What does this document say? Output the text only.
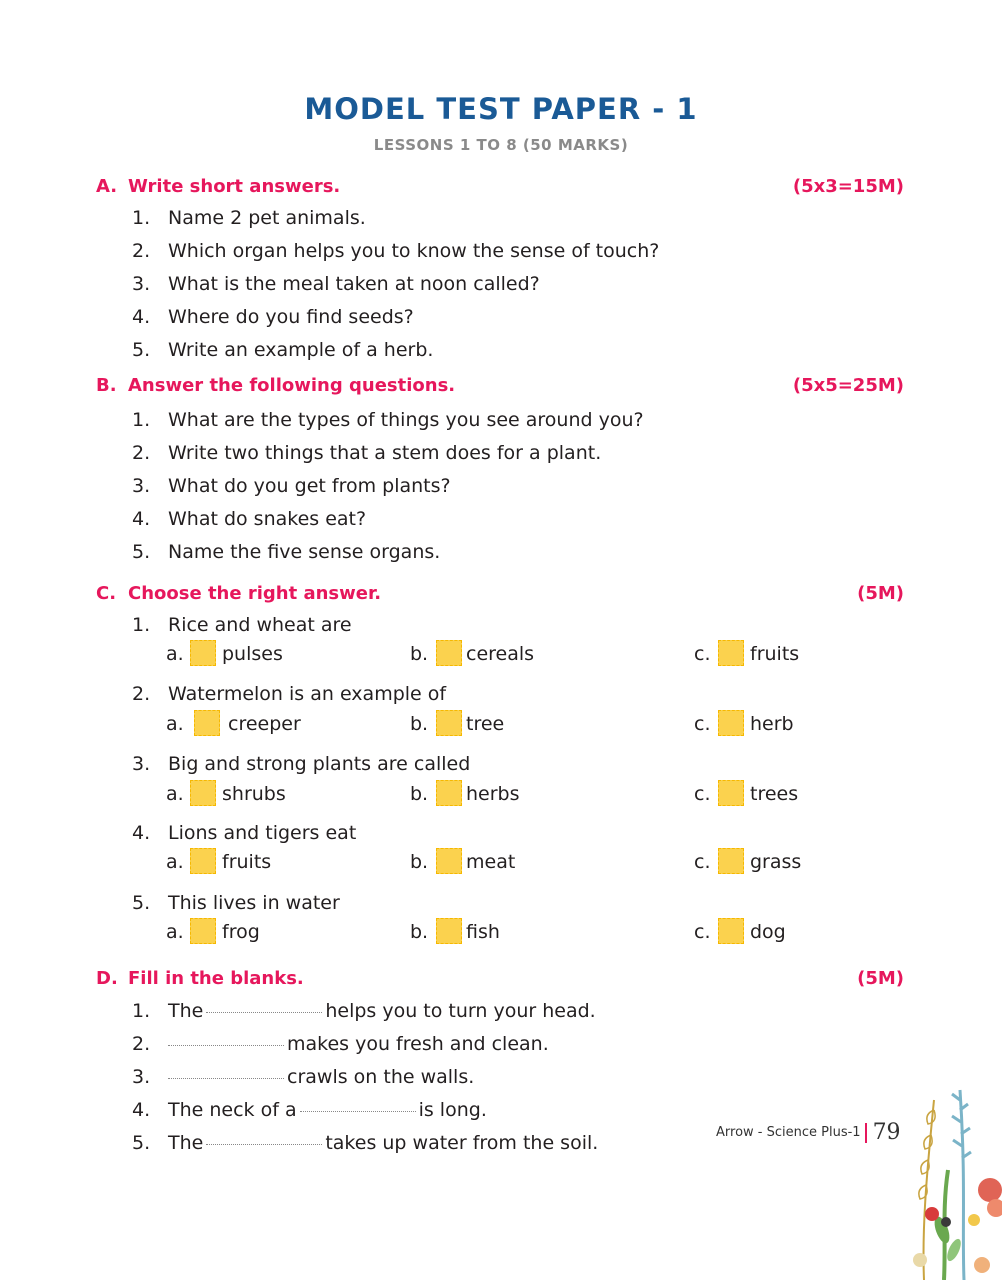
MODEL TEST PAPER - 1
LESSONS 1 TO 8 (50 MARKS)
A. Write short answers.	(5x3=15M)
1. Name 2 pet animals.
2. Which organ helps you to know the sense of touch?
3. What is the meal taken at noon called?
4. Where do you find seeds?
5. Write an example of a herb.
B. Answer the following questions.	(5x5=25M)
1. What are the types of things you see around you?
2. Write two things that a stem does for a plant.
3. What do you get from plants?
4. What do snakes eat?
5. Name the five sense organs.
C. Choose the right answer.	(5M)
1. Rice and wheat are
a. pulses	b. cereals	c. fruits
2. Watermelon is an example of
a. creeper	b. tree	c. herb
3. Big and strong plants are called
a. shrubs	b. herbs	c. trees
4. Lions and tigers eat
a. fruits	b. meat	c. grass
5. This lives in water
a. frog	b. fish	c. dog
D. Fill in the blanks.	(5M)
1. The	helps you to turn your head.
2.	makes you fresh and clean.
3.	crawls on the walls.
4. The neck of a	is long.
5. The	takes up water from the soil.	Arrow - Science Plus-1 79
